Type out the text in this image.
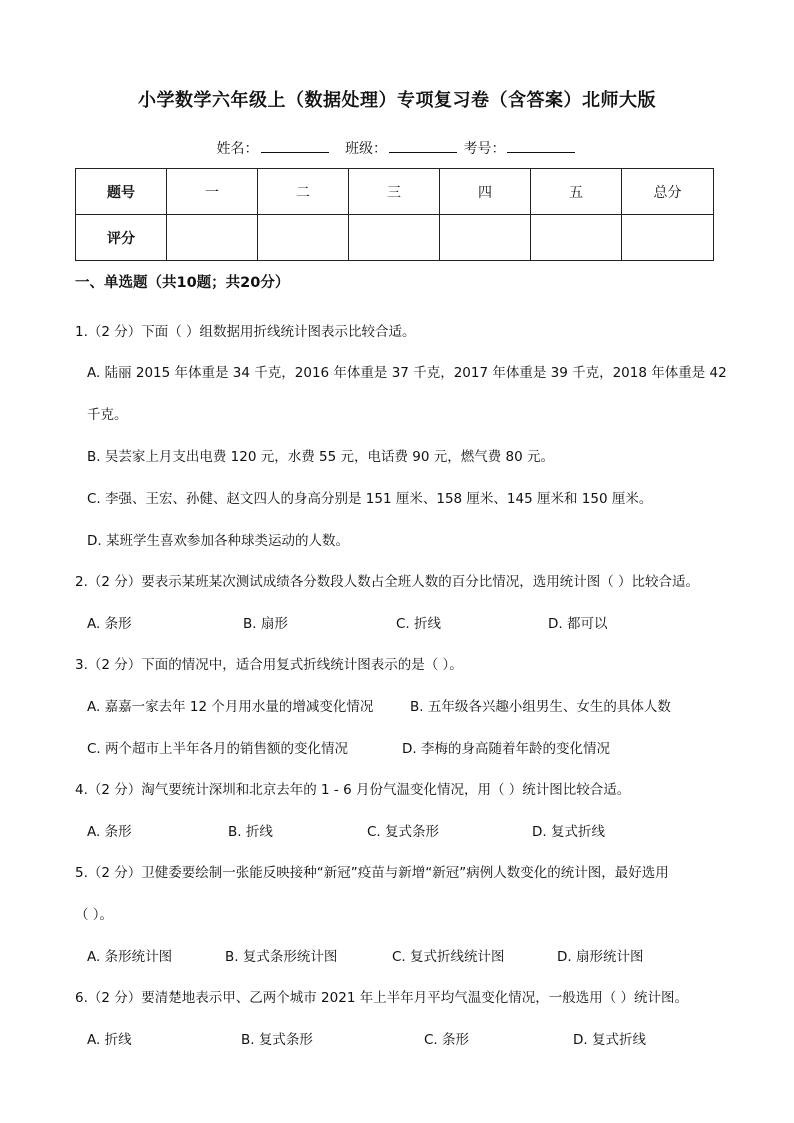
小学数学六年级上（数据处理）专项复习卷（含答案）北师大版
姓名：	班级：	考号：
题号	一	二	三	四	五	总分
评分						
一、单选题（共10题；共20分）
1.（2 分）下面（ ）组数据用折线统计图表示比较合适。
A. 陆丽 2015 年体重是 34 千克，2016 年体重是 37 千克，2017 年体重是 39 千克，2018 年体重是 42
千克。
B. 吴芸家上月支出电费 120 元，水费 55 元，电话费 90 元，燃气费 80 元。
C. 李强、王宏、孙健、赵文四人的身高分别是 151 厘米、158 厘米、145 厘米和 150 厘米。
D. 某班学生喜欢参加各种球类运动的人数。
2.（2 分）要表示某班某次测试成绩各分数段人数占全班人数的百分比情况，选用统计图（ ）比较合适。
A. 条形	B. 扇形	C. 折线	D. 都可以
3.（2 分）下面的情况中，适合用复式折线统计图表示的是（ ）。
A. 嘉嘉一家去年 12 个月用水量的增减变化情况	B. 五年级各兴趣小组男生、女生的具体人数
C. 两个超市上半年各月的销售额的变化情况	D. 李梅的身高随着年龄的变化情况
4.（2 分）淘气要统计深圳和北京去年的 1 - 6 月份气温变化情况，用（ ）统计图比较合适。
A. 条形	B. 折线	C. 复式条形	D. 复式折线
5.（2 分）卫健委要绘制一张能反映接种“新冠”疫苗与新增“新冠”病例人数变化的统计图，最好选用
（ ）。
A. 条形统计图	B. 复式条形统计图	C. 复式折线统计图	D. 扇形统计图
6.（2 分）要清楚地表示甲、乙两个城市 2021 年上半年月平均气温变化情况，一般选用（ ）统计图。
A. 折线	B. 复式条形	C. 条形	D. 复式折线
